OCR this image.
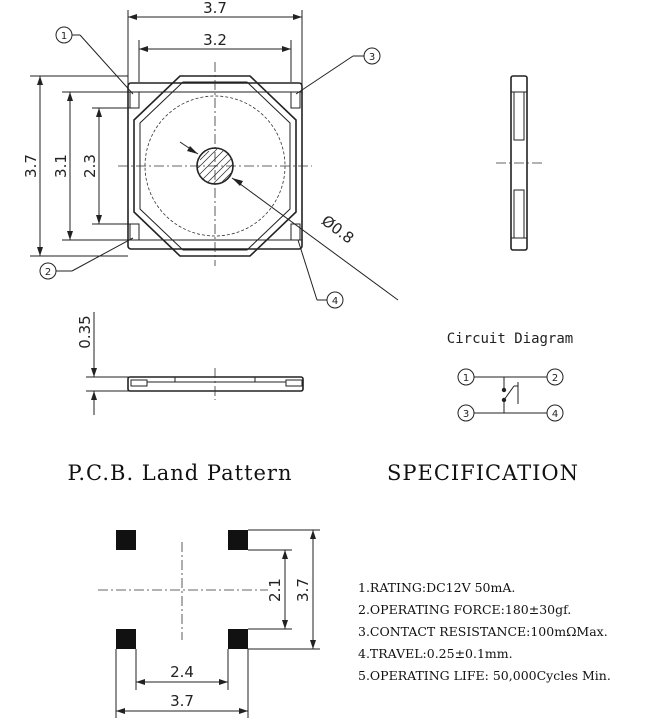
3.7
3.2
Ø0.8
3.7 3.1 2.3
1
3
2
4
0.35	Circuit Diagram
1	2
3	4
P.C.B. Land Pattern	SPECIFICATION
2.1 3.7
2.4
3.7
1.RATING:DC12V 50mA.
2.OPERATING FORCE:180±30gf.
3.CONTACT RESISTANCE:100mΩMax.
4.TRAVEL:0.25±0.1mm.
5.OPERATING LIFE: 50,000Cycles Min.
